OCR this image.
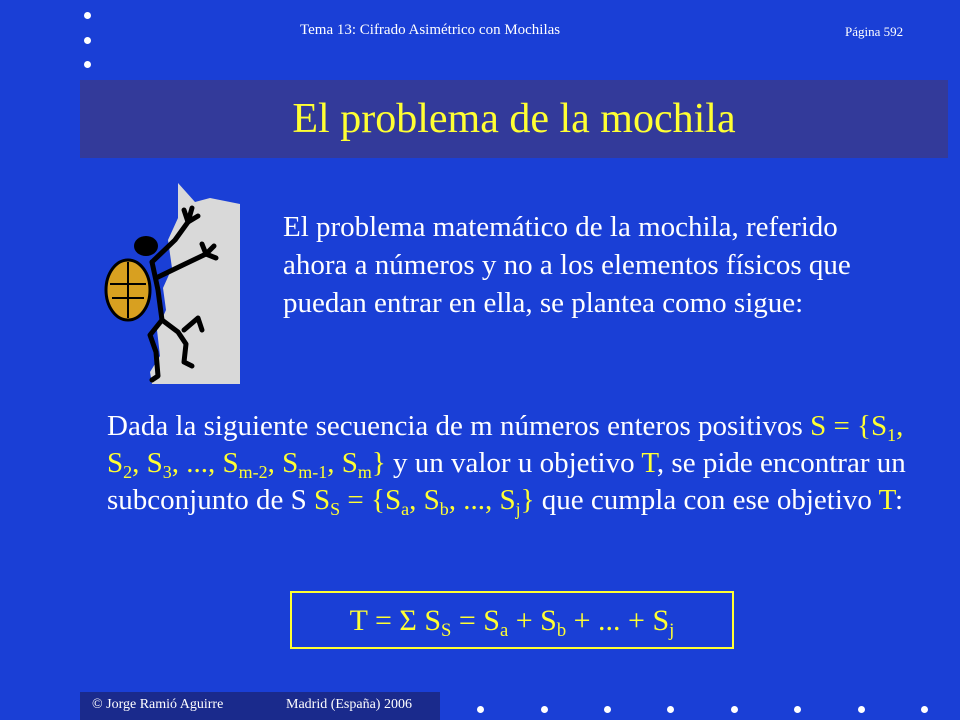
Tema 13: Cifrado Asimétrico con Mochilas	Página 592
El problema de la mochila
El problema matemático de la mochila, referido ahora a números y no a los elementos físicos que puedan entrar en ella, se plantea como sigue:
Dada la siguiente secuencia de m números enteros positivos $S = \{S_1$, $S_2$, $S_3$, ..., $S_{m-2}$, $S_{m-1}$, $S_m$} y un valor u objetivo T, se pide encontrar un subconjunto de S $S_S = \{S_a$, $S_b$, ..., $S_j$} que cumpla con ese objetivo T:
T = Σ $S_S = S_a + S_b$ + ... + $S_j$
© Jorge Ramió Aguirre	Madrid (España) 2006
